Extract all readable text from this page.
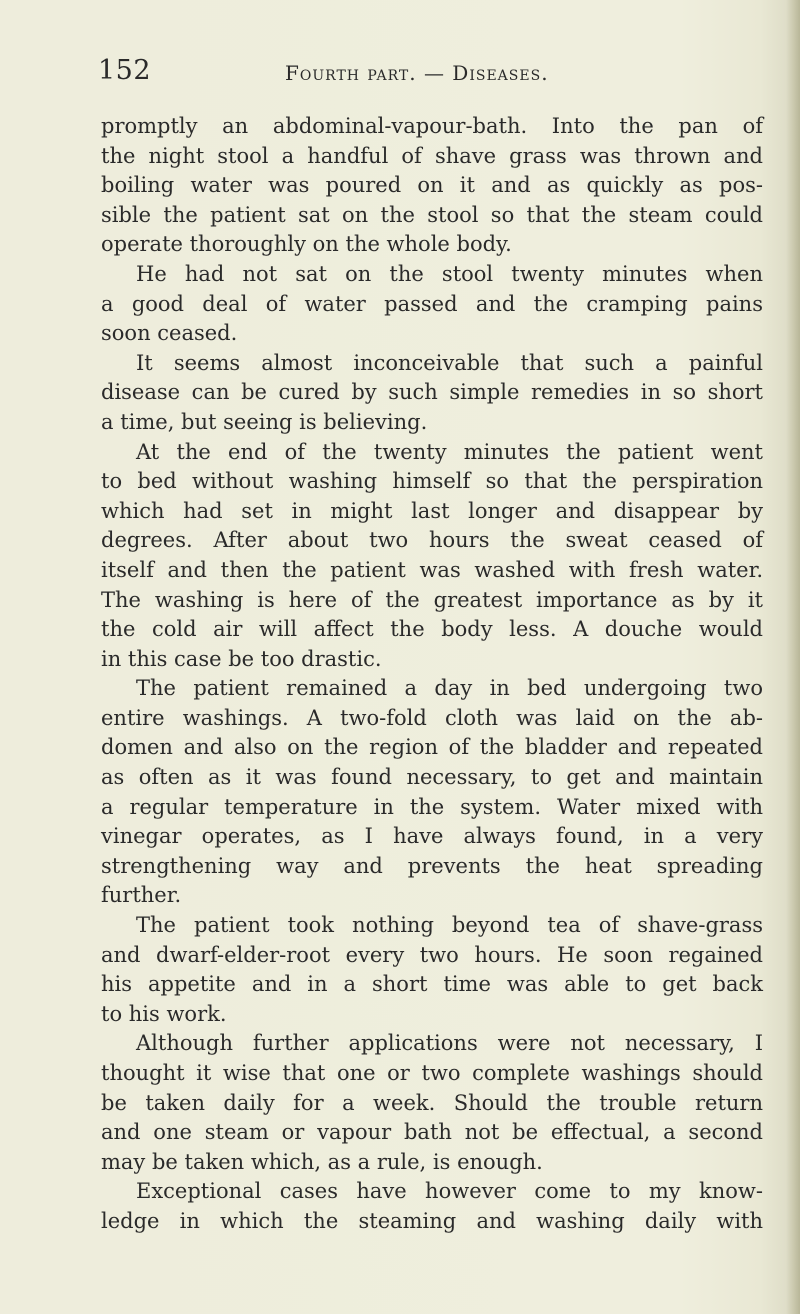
152	Fourth part. — Diseases.
promptly an abdominal-vapour-bath. Into the pan of
the night stool a handful of shave grass was thrown and
boiling water was poured on it and as quickly as pos-
sible the patient sat on the stool so that the steam could
operate thoroughly on the whole body.
He had not sat on the stool twenty minutes when
a good deal of water passed and the cramping pains
soon ceased.
It seems almost inconceivable that such a painful
disease can be cured by such simple remedies in so short
a time, but seeing is believing.
At the end of the twenty minutes the patient went
to bed without washing himself so that the perspiration
which had set in might last longer and disappear by
degrees. After about two hours the sweat ceased of
itself and then the patient was washed with fresh water.
The washing is here of the greatest importance as by it
the cold air will affect the body less. A douche would
in this case be too drastic.
The patient remained a day in bed undergoing two
entire washings. A two-fold cloth was laid on the ab-
domen and also on the region of the bladder and repeated
as often as it was found necessary, to get and maintain
a regular temperature in the system. Water mixed with
vinegar operates, as I have always found, in a very
strengthening way and prevents the heat spreading
further.
The patient took nothing beyond tea of shave-grass
and dwarf-elder-root every two hours. He soon regained
his appetite and in a short time was able to get back
to his work.
Although further applications were not necessary, I
thought it wise that one or two complete washings should
be taken daily for a week. Should the trouble return
and one steam or vapour bath not be effectual, a second
may be taken which, as a rule, is enough.
Exceptional cases have however come to my know-
ledge in which the steaming and washing daily with
